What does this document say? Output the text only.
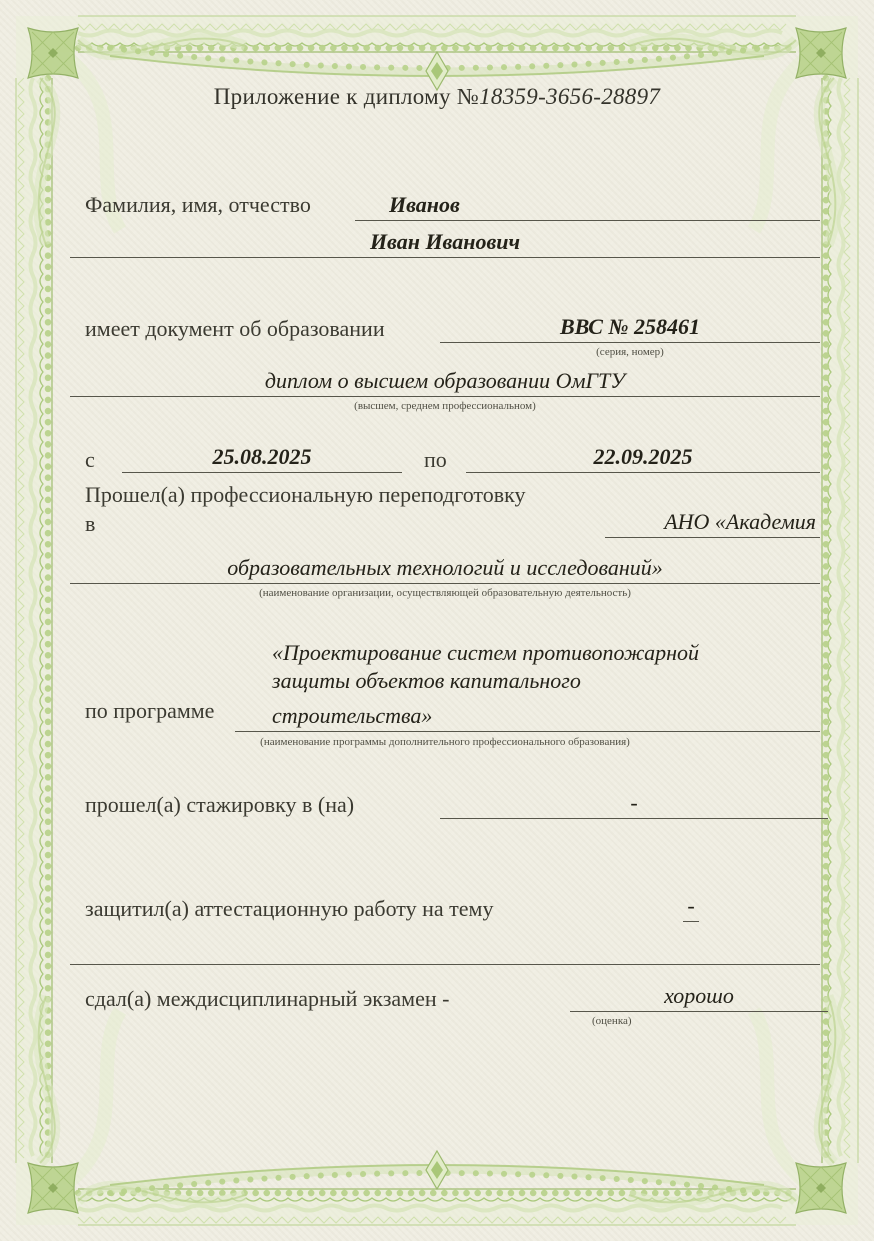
Приложение к диплому №18359-3656-28897
Фамилия, имя, отчество	Иванов
Иван Иванович
имеет документ об образовании	ВВС № 258461
(серия, номер)
диплом о высшем образовании ОмГТУ
(высшем, среднем профессиональном)
с	25.08.2025	по	22.09.2025
Прошел(а) профессиональную переподготовку
в	АНО «Академия
образовательных технологий и исследований»
(наименование организации, осуществляющей образовательную деятельность)
«Проектирование систем противопожарной
защиты объектов капитального
по программе	строительства»
(наименование программы дополнительного профессионального образования)
прошел(а) стажировку в (на)	-
защитил(а) аттестационную работу на тему	-
сдал(а) междисциплинарный экзамен -	хорошо
(оценка)
